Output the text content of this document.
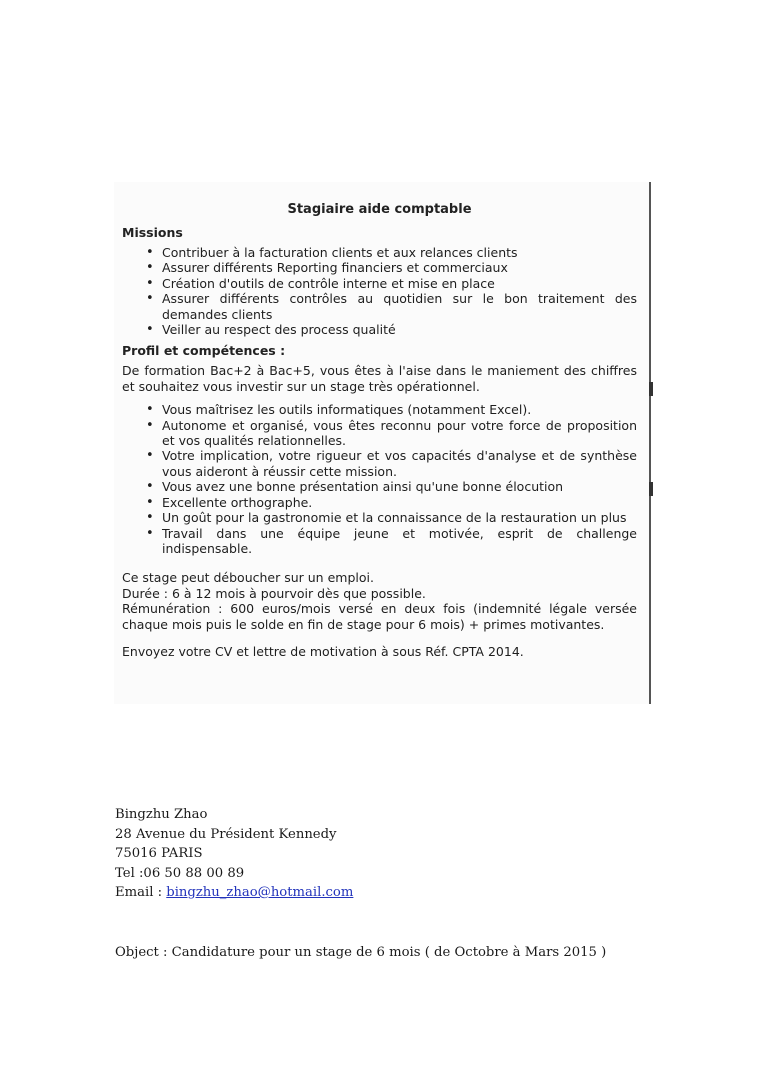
Stagiaire aide comptable
Missions
• Contribuer à la facturation clients et aux relances clients
• Assurer différents Reporting financiers et commerciaux
• Création d'outils de contrôle interne et mise en place
• Assurer différents contrôles au quotidien sur le bon traitement des demandes clients
• Veiller au respect des process qualité
Profil et compétences :

De formation Bac+2 à Bac+5, vous êtes à l'aise dans le maniement des chiffres et souhaitez vous investir sur un stage très opérationnel.

• Vous maîtrisez les outils informatiques (notamment Excel).
• Autonome et organisé, vous êtes reconnu pour votre force de proposition et vos qualités relationnelles.
• Votre implication, votre rigueur et vos capacités d'analyse et de synthèse vous aideront à réussir cette mission.
• Vous avez une bonne présentation ainsi qu'une bonne élocution
• Excellente orthographe.
• Un goût pour la gastronomie et la connaissance de la restauration un plus
• Travail dans une équipe jeune et motivée, esprit de challenge indispensable.

Ce stage peut déboucher sur un emploi.

Durée : 6 à 12 mois à pourvoir dès que possible.

Rémunération : 600 euros/mois versé en deux fois (indemnité légale versée chaque mois puis le solde en fin de stage pour 6 mois) + primes motivantes.

Envoyez votre CV et lettre de motivation à sous Réf. CPTA 2014.

Bingzhu Zhao
28 Avenue du Président Kennedy
75016 PARIS
Tel :06 50 88 00 89
Email : bingzhu_zhao@hotmail.com
Object : Candidature pour un stage de 6 mois ( de Octobre à Mars 2015 )
